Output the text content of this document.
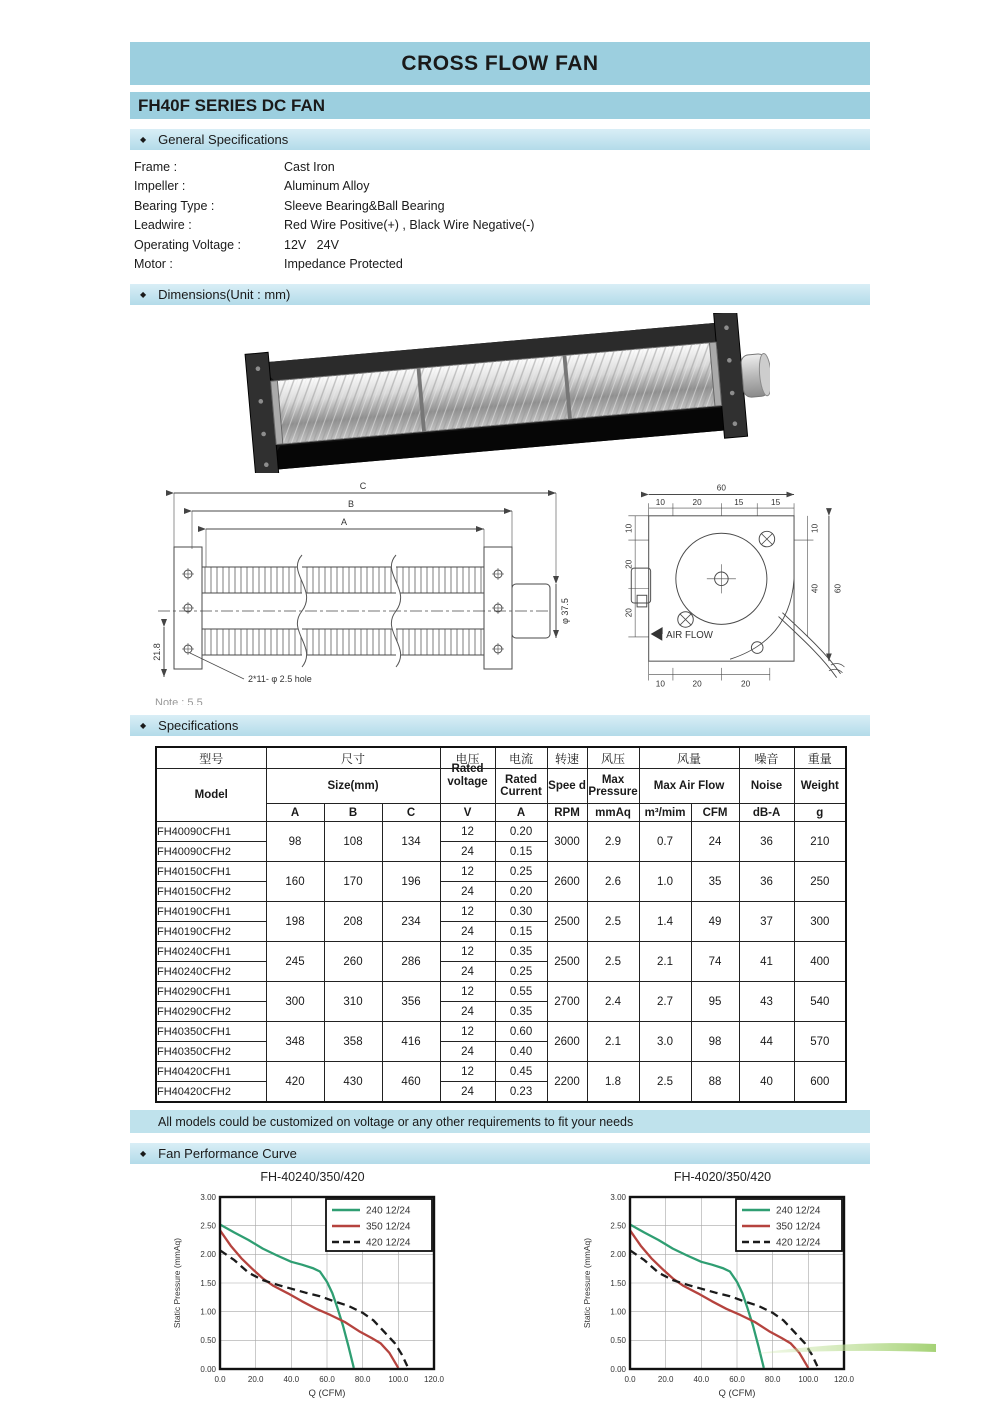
CROSS FLOW FAN
FH40F SERIES DC FAN
◆ General Specifications
Frame :	Cast Iron
Impeller :	Aluminum Alloy
Bearing Type :	Sleeve Bearing&Ball Bearing
Leadwire :	Red Wire Positive(+) , Black Wire Negative(-)
Operating Voltage :	12V   24V
Motor :	Impedance Protected
◆ Dimensions(Unit : mm)
C
B
A
φ 37.5
21.8
2*11- φ 2.5 hole
AIR FLOW
60
10	20	15	15
10
20
20
10
40 60
10	20	20
Note : 5.5
◆ Specifications
型号	尺寸			电压	电流	转速	风压	风量		噪音	重量
Model	Size(mm)			Rated voltage	Rated Current	Spee d	Max Pressure	Max Air Flow		Noise	Weight
	A	B	C	V	A	RPM	mmAq	m³/mim	CFM	dB-A	g
FH40090CFH1	98	108	134	12	0.20	3000	2.9	0.7	24	36	210
FH40090CFH2				24	0.15						
FH40150CFH1	160	170	196	12	0.25	2600	2.6	1.0	35	36	250
FH40150CFH2				24	0.20						
FH40190CFH1	198	208	234	12	0.30	2500	2.5	1.4	49	37	300
FH40190CFH2				24	0.15						
FH40240CFH1	245	260	286	12	0.35	2500	2.5	2.1	74	41	400
FH40240CFH2				24	0.25						
FH40290CFH1	300	310	356	12	0.55	2700	2.4	2.7	95	43	540
FH40290CFH2				24	0.35						
FH40350CFH1	348	358	416	12	0.60	2600	2.1	3.0	98	44	570
FH40350CFH2				24	0.40						
FH40420CFH1	420	430	460	12	0.45	2200	1.8	2.5	88	40	600
FH40420CFH2				24	0.23						
All models could be customized on voltage or any other requirements to fit your needs
◆ Fan Performance Curve
FH-40240/350/420
240 12/24
350 12/24
420 12/24
0.00
0.50
1.00
1.50
2.00
2.50
3.00
0.0	20.0	40.0	60.0	80.0 100.0 120.0
Q (CFM)
Static Pressure (mmAq)
FH-4020/350/420
240 12/24
350 12/24
420 12/24
0.00
0.50
1.00
1.50
2.00
2.50
3.00
0.0	20.0	40.0	60.0	80.0 100.0 120.0
Q (CFM)
Static Pressure (mmAq)
